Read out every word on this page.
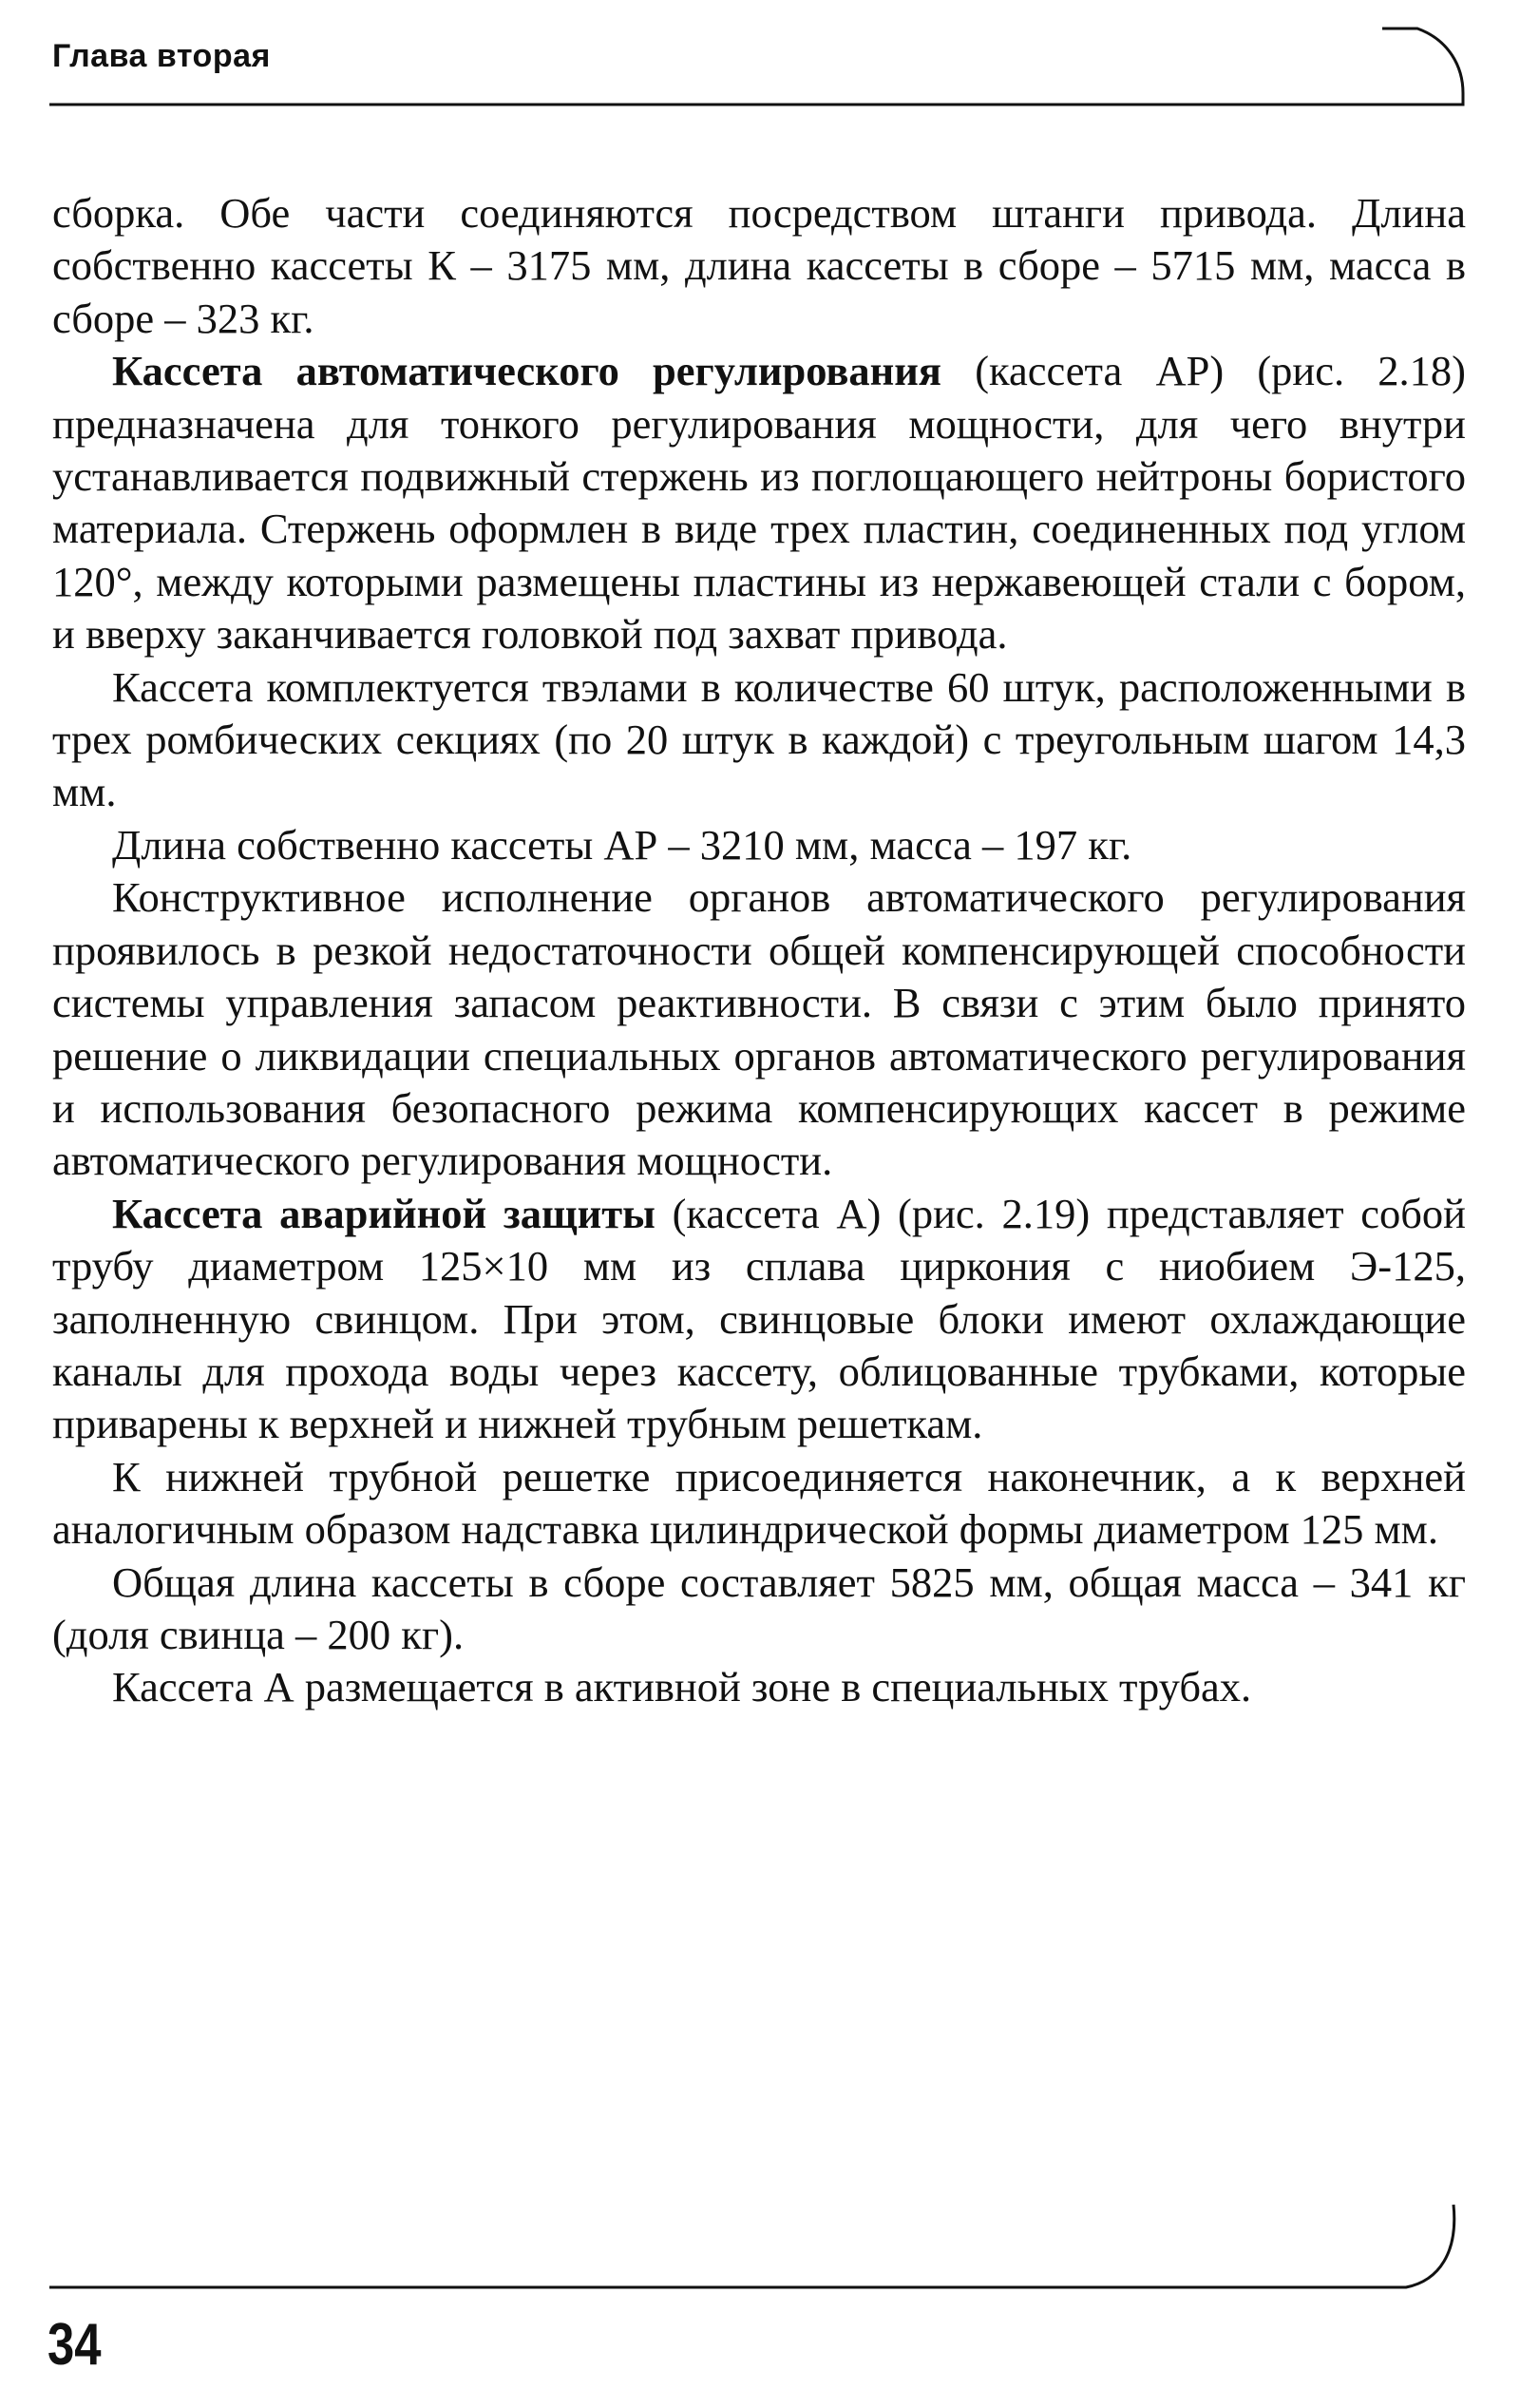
Глава вторая

сборка. Обе части соединяются посредством штанги привода. Длина собственно кассеты К – 3175 мм, длина кассеты в сборе – 5715 мм, масса в сборе – 323 кг.

Кассета автоматического регулирования (кассета АР) (рис. 2.18) предназначена для тонкого регулирования мощности, для чего внутри устанавливается подвижный стержень из поглощающего нейтроны бористого материала. Стержень оформлен в виде трех пластин, соединенных под углом 120°, между которыми размещены пластины из нержавеющей стали с бором, и вверху заканчивается головкой под захват привода.

Кассета комплектуется твэлами в количестве 60 штук, расположенными в трех ромбических секциях (по 20 штук в каждой) с треугольным шагом 14,3 мм.

Длина собственно кассеты АР – 3210 мм, масса – 197 кг.

Конструктивное исполнение органов автоматического регулирования проявилось в резкой недостаточности общей компенсирующей способности системы управления запасом реактивности. В связи с этим было принято решение о ликвидации специальных органов автоматического регулирования и использования безопасного режима компенсирующих кассет в режиме автоматического регулирования мощности.

Кассета аварийной защиты (кассета А) (рис. 2.19) представляет собой трубу диаметром 125×10 мм из сплава циркония с ниобием Э-125, заполненную свинцом. При этом, свинцовые блоки имеют охлаждающие каналы для прохода воды через кассету, облицованные трубками, которые приварены к верхней и нижней трубным решеткам.

К нижней трубной решетке присоединяется наконечник, а к верхней аналогичным образом надставка цилиндрической формы диаметром 125 мм.

Общая длина кассеты в сборе составляет 5825 мм, общая масса – 341 кг (доля свинца – 200 кг).

Кассета А размещается в активной зоне в специальных трубах.

34
